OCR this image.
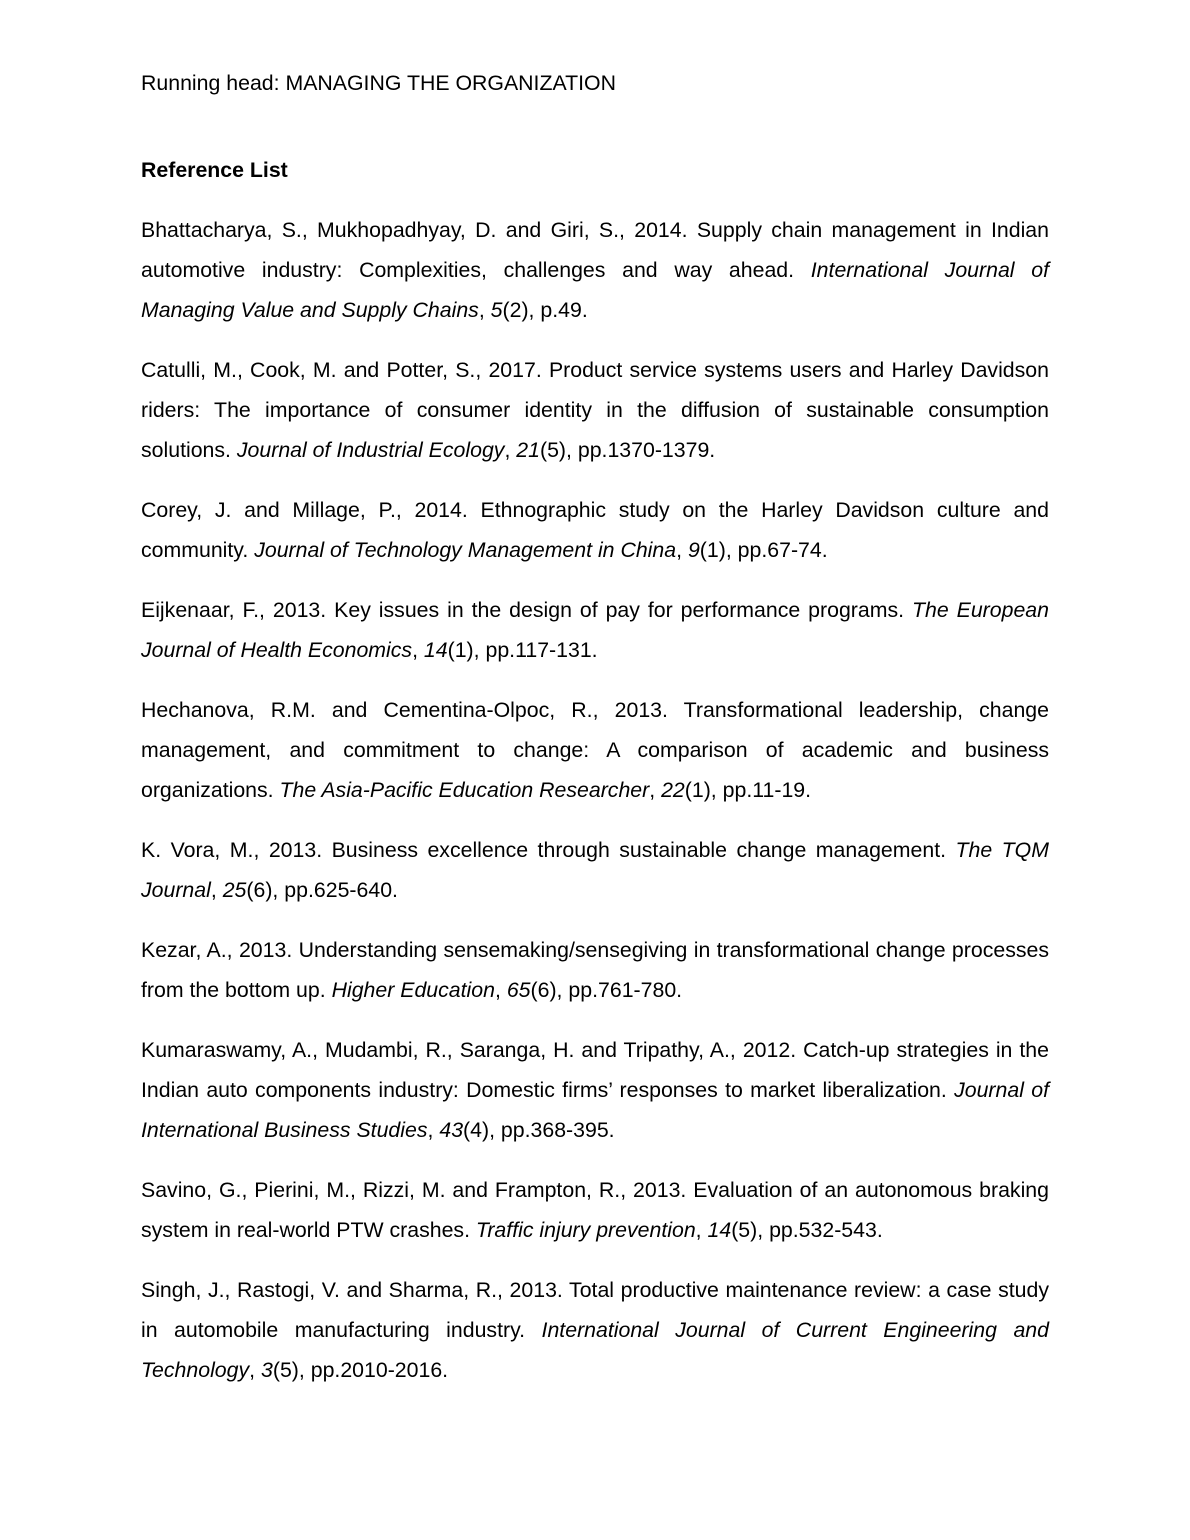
Running head: MANAGING THE ORGANIZATION
Reference List

Bhattacharya, S., Mukhopadhyay, D. and Giri, S., 2014. Supply chain management in Indian automotive industry: Complexities, challenges and way ahead. International Journal of Managing Value and Supply Chains, 5(2), p.49.

Catulli, M., Cook, M. and Potter, S., 2017. Product service systems users and Harley Davidson riders: The importance of consumer identity in the diffusion of sustainable consumption solutions. Journal of Industrial Ecology, 21(5), pp.1370-1379.

Corey, J. and Millage, P., 2014. Ethnographic study on the Harley Davidson culture and community. Journal of Technology Management in China, 9(1), pp.67-74.

Eijkenaar, F., 2013. Key issues in the design of pay for performance programs. The European Journal of Health Economics, 14(1), pp.117-131.

Hechanova, R.M. and Cementina-Olpoc, R., 2013. Transformational leadership, change management, and commitment to change: A comparison of academic and business organizations. The Asia-Pacific Education Researcher, 22(1), pp.11-19.

K. Vora, M., 2013. Business excellence through sustainable change management. The TQM Journal, 25(6), pp.625-640.

Kezar, A., 2013. Understanding sensemaking/sensegiving in transformational change processes from the bottom up. Higher Education, 65(6), pp.761-780.

Kumaraswamy, A., Mudambi, R., Saranga, H. and Tripathy, A., 2012. Catch-up strategies in the Indian auto components industry: Domestic firms’ responses to market liberalization. Journal of International Business Studies, 43(4), pp.368-395.

Savino, G., Pierini, M., Rizzi, M. and Frampton, R., 2013. Evaluation of an autonomous braking system in real-world PTW crashes. Traffic injury prevention, 14(5), pp.532-543.

Singh, J., Rastogi, V. and Sharma, R., 2013. Total productive maintenance review: a case study in automobile manufacturing industry. International Journal of Current Engineering and Technology, 3(5), pp.2010-2016.
